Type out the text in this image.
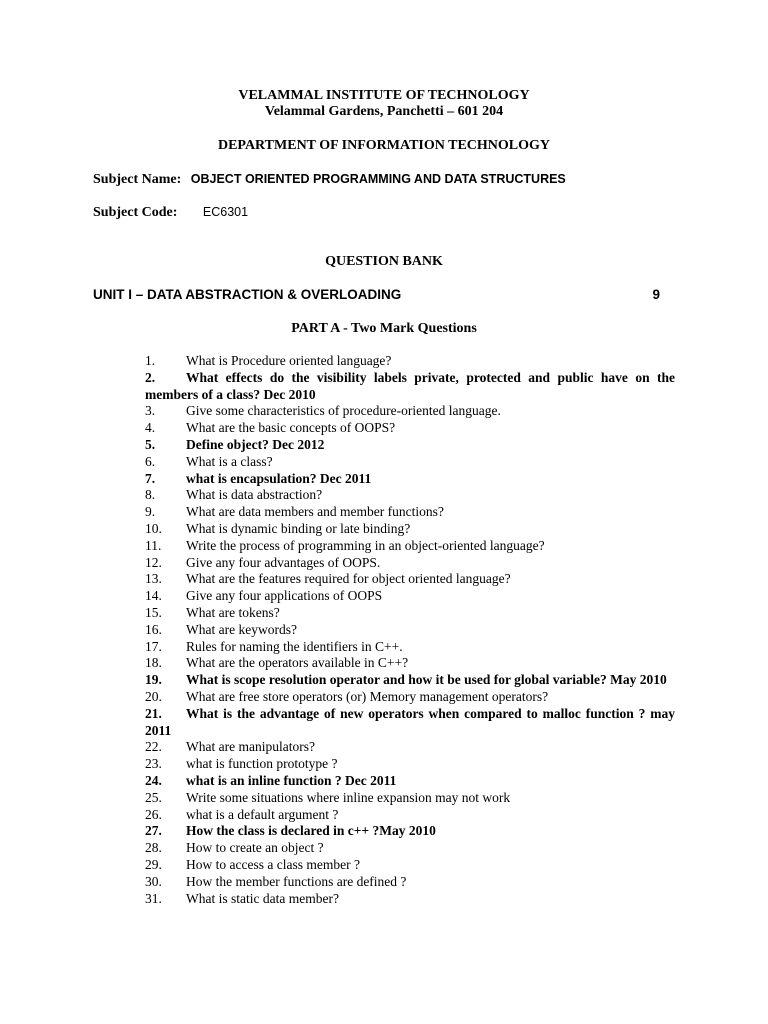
VELAMMAL INSTITUTE OF TECHNOLOGY
Velammal Gardens, Panchetti – 601 204
DEPARTMENT OF INFORMATION TECHNOLOGY
Subject Name: OBJECT ORIENTED PROGRAMMING AND DATA STRUCTURES
Subject Code: EC6301
QUESTION BANK
UNIT I – DATA ABSTRACTION & OVERLOADING	9
PART A - Two Mark Questions
1.	What is Procedure oriented language?
2.	What effects do the visibility labels private, protected and public have on the members of a class? Dec 2010
3.	Give some characteristics of procedure-oriented language.
4.	What are the basic concepts of OOPS?
5.	Define object? Dec 2012
6.	What is a class?
7.	what is encapsulation? Dec 2011
8.	What is data abstraction?
9.	What are data members and member functions?
10.	What is dynamic binding or late binding?
11.	Write the process of programming in an object-oriented language?
12.	Give any four advantages of OOPS.
13.	What are the features required for object oriented language?
14.	Give any four applications of OOPS
15.	What are tokens?
16.	What are keywords?
17.	Rules for naming the identifiers in C++.
18.	What are the operators available in C++?
19.	What is scope resolution operator and how it be used for global variable? May 2010
20.	What are free store operators (or) Memory management operators?
21.	What is the advantage of new operators when compared to malloc function ? may 2011
22.	What are manipulators?
23.	what is function prototype ?
24.	what is an inline function ? Dec 2011
25.	Write some situations where inline expansion may not work
26.	what is a default argument ?
27.	How the class is declared in c++ ?May 2010
28.	How to create an object ?
29.	How to access a class member ?
30.	How the member functions are defined ?
31.	What is static data member?
